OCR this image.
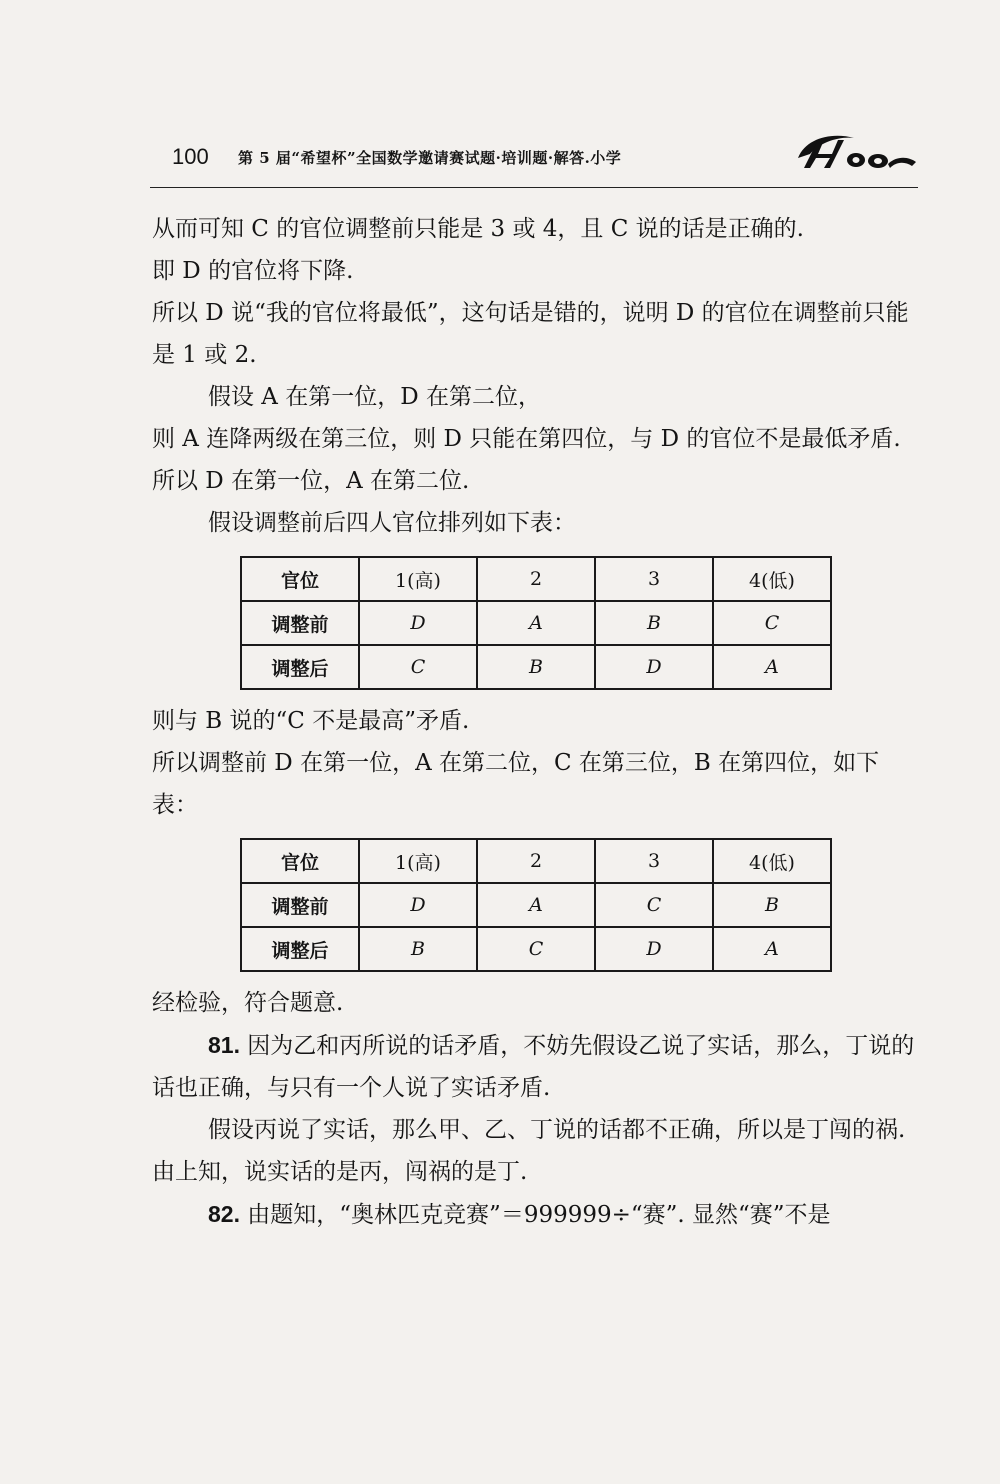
100 第 5 届“希望杯”全国数学邀请赛试题·培训题·解答.小学
Hope

从而可知 C 的官位调整前只能是 3 或 4，且 C 说的话是正确的.

即 D 的官位将下降.

所以 D 说“我的官位将最低”，这句话是错的，说明 D 的官位在调整前只能是 1 或 2.

假设 A 在第一位，D 在第二位，

则 A 连降两级在第三位，则 D 只能在第四位，与 D 的官位不是最低矛盾.

所以 D 在第一位，A 在第二位.

假设调整前后四人官位排列如下表：

官位	1(高)	2	3	4(低)
调整前	D	A	B	C
调整后	C	B	D	A

则与 B 说的“C 不是最高”矛盾.

所以调整前 D 在第一位，A 在第二位，C 在第三位，B 在第四位，如下表：

官位	1(高)	2	3	4(低)
调整前	D	A	C	B
调整后	B	C	D	A

经检验，符合题意.

81. 因为乙和丙所说的话矛盾，不妨先假设乙说了实话，那么，丁说的话也正确，与只有一个人说了实话矛盾.

假设丙说了实话，那么甲、乙、丁说的话都不正确，所以是丁闯的祸.

由上知，说实话的是丙，闯祸的是丁.

82. 由题知，“奥林匹克竞赛”＝999999÷“赛”. 显然“赛”不是
